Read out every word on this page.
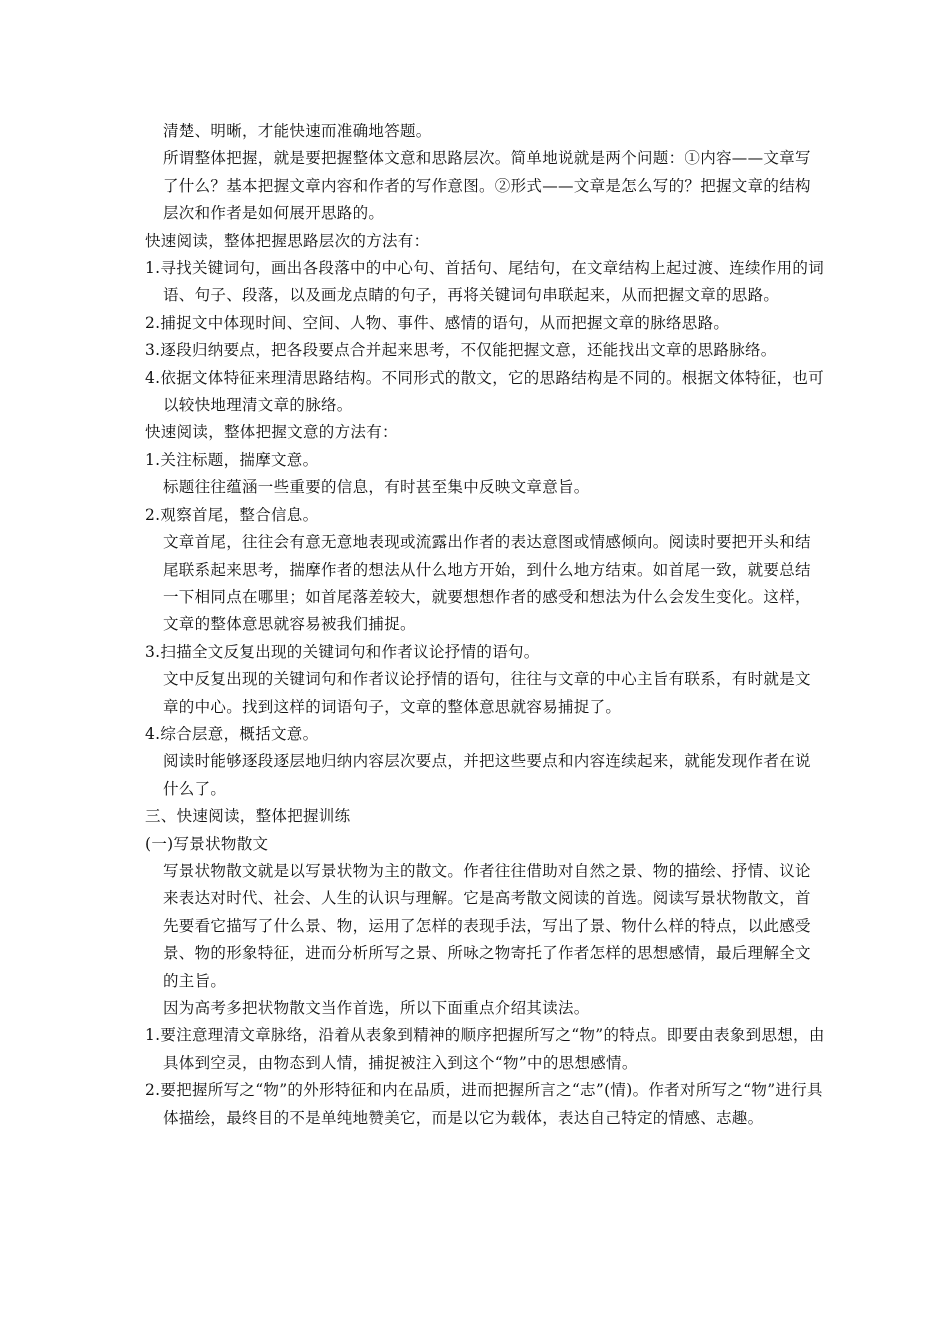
清楚、明晰，才能快速而准确地答题。

所谓整体把握，就是要把握整体文意和思路层次。简单地说就是两个问题：①内容——文章写了什么？基本把握文章内容和作者的写作意图。②形式——文章是怎么写的？把握文章的结构层次和作者是如何展开思路的。

快速阅读，整体把握思路层次的方法有：

1.寻找关键词句，画出各段落中的中心句、首括句、尾结句，在文章结构上起过渡、连续作用的词语、句子、段落，以及画龙点睛的句子，再将关键词句串联起来，从而把握文章的思路。

2.捕捉文中体现时间、空间、人物、事件、感情的语句，从而把握文章的脉络思路。

3.逐段归纳要点，把各段要点合并起来思考，不仅能把握文意，还能找出文章的思路脉络。

4.依据文体特征来理清思路结构。不同形式的散文，它的思路结构是不同的。根据文体特征，也可以较快地理清文章的脉络。

快速阅读，整体把握文意的方法有：

1.关注标题，揣摩文意。

标题往往蕴涵一些重要的信息，有时甚至集中反映文章意旨。

2.观察首尾，整合信息。

文章首尾，往往会有意无意地表现或流露出作者的表达意图或情感倾向。阅读时要把开头和结尾联系起来思考，揣摩作者的想法从什么地方开始，到什么地方结束。如首尾一致，就要总结一下相同点在哪里；如首尾落差较大，就要想想作者的感受和想法为什么会发生变化。这样，文章的整体意思就容易被我们捕捉。

3.扫描全文反复出现的关键词句和作者议论抒情的语句。

文中反复出现的关键词句和作者议论抒情的语句，往往与文章的中心主旨有联系，有时就是文章的中心。找到这样的词语句子，文章的整体意思就容易捕捉了。

4.综合层意，概括文意。

阅读时能够逐段逐层地归纳内容层次要点，并把这些要点和内容连续起来，就能发现作者在说什么了。

三、快速阅读，整体把握训练

(一)写景状物散文

写景状物散文就是以写景状物为主的散文。作者往往借助对自然之景、物的描绘、抒情、议论来表达对时代、社会、人生的认识与理解。它是高考散文阅读的首选。阅读写景状物散文，首先要看它描写了什么景、物，运用了怎样的表现手法，写出了景、物什么样的特点，以此感受景、物的形象特征，进而分析所写之景、所咏之物寄托了作者怎样的思想感情，最后理解全文的主旨。

因为高考多把状物散文当作首选，所以下面重点介绍其读法。

1.要注意理清文章脉络，沿着从表象到精神的顺序把握所写之“物”的特点。即要由表象到思想，由具体到空灵，由物态到人情，捕捉被注入到这个“物”中的思想感情。

2.要把握所写之“物”的外形特征和内在品质，进而把握所言之“志”(情)。作者对所写之“物”进行具体描绘，最终目的不是单纯地赞美它，而是以它为载体，表达自己特定的情感、志趣。
